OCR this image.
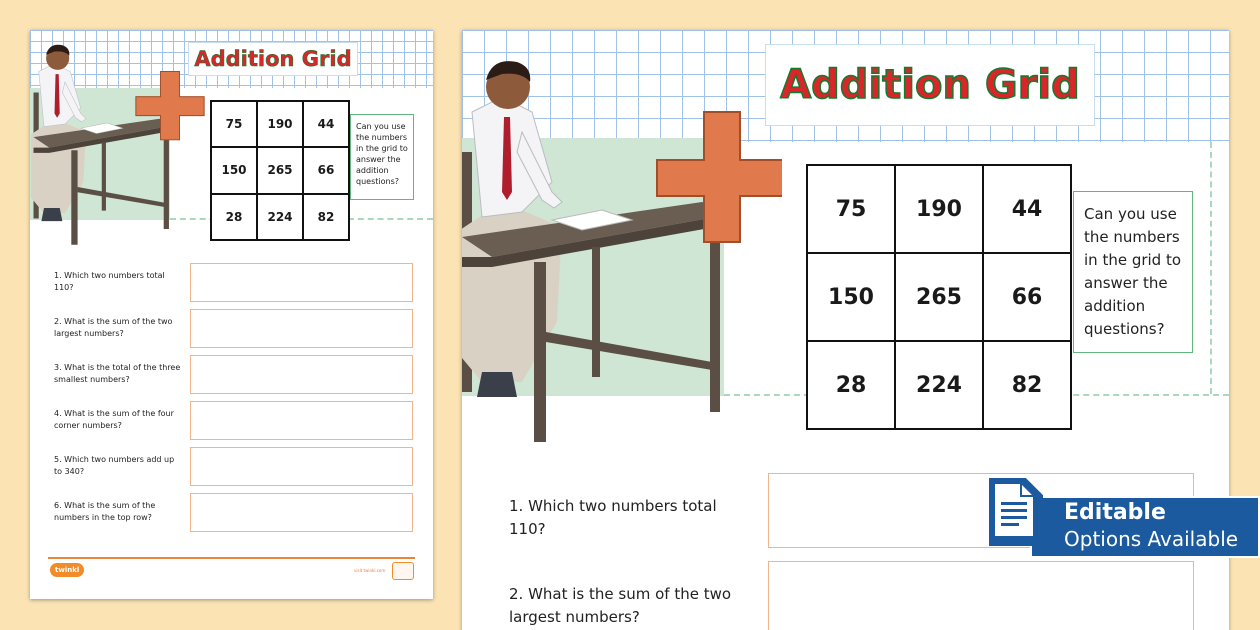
Addition Grid
75	190	44
150	265	66
28	224	82
Can you use the numbers in the grid to answer the addition questions?
1. Which two numbers total 110?
2. What is the sum of the two largest numbers?
3. What is the total of the three smallest numbers?
4. What is the sum of the four corner numbers?
5. Which two numbers add up to 340?
6. What is the sum of the numbers in the top row?
twinkl	visit twinkl.com
Addition Grid
75	190	44
150	265	66
28	224	82
Can you use the numbers in the grid to answer the addition questions?
1. Which two numbers total 110?
2. What is the sum of the two largest numbers?
Editable
Options Available
